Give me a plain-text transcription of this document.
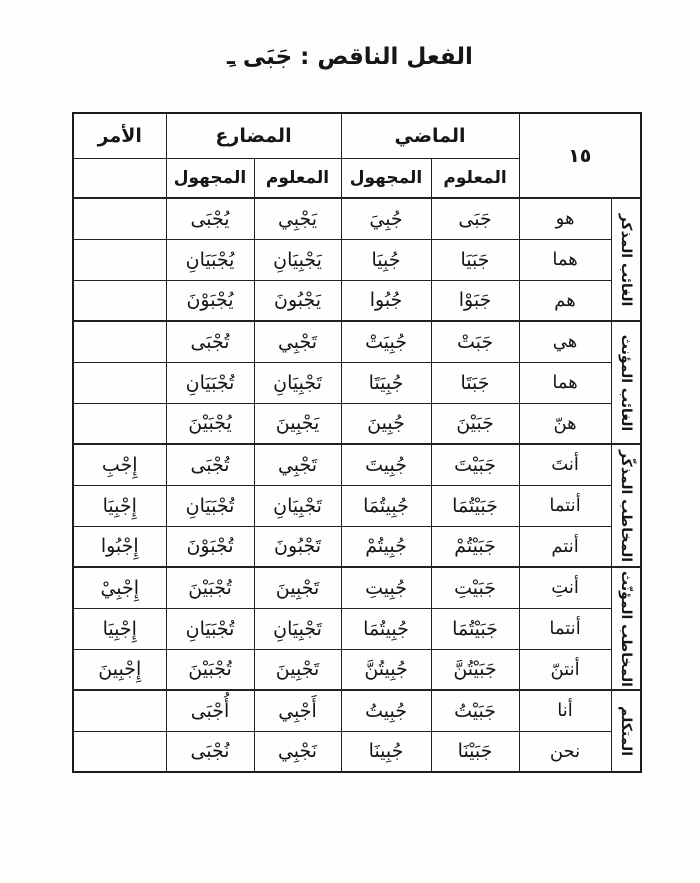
الفعل الناقص : جَبَى ـِ
١٥		الماضي		المضارع		الأمر
		المعلوم	المجهول	المعلوم	المجهول	

الغائب المذكر	هو	جَبَى	جُبِيَ	يَجْبِي	يُجْبَى	
	هما	جَبَيَا	جُبِيَا	يَجْبِيَانِ	يُجْبَيَانِ	
	هم	جَبَوْا	جُبُوا	يَجْبُونَ	يُجْبَوْنَ	

الغائب المؤنث	هي	جَبَتْ	جُبِيَتْ	تَجْبِي	تُجْبَى	
	هما	جَبَتَا	جُبِيَتَا	تَجْبِيَانِ	تُجْبَيَانِ	
	هنّ	جَبَيْنَ	جُبِينَ	يَجْبِينَ	يُجْبَيْنَ	

المخاطب المذكّر	أنتَ	جَبَيْتَ	جُبِيتَ	تَجْبِي	تُجْبَى	إِجْبِ
	أنتما	جَبَيْتُمَا	جُبِيتُمَا	تَجْبِيَانِ	تُجْبَيَانِ	إِجْبِيَا
	أنتم	جَبَيْتُمْ	جُبِيتُمْ	تَجْبُونَ	تُجْبَوْنَ	إِجْبُوا

المخاطب المؤنّث	أنتِ	جَبَيْتِ	جُبِيتِ	تَجْبِينَ	تُجْبَيْنَ	إِجْبِيْ
	أنتما	جَبَيْتُمَا	جُبِيتُمَا	تَجْبِيَانِ	تُجْبَيَانِ	إِجْبِيَا
	أنتنّ	جَبَيْتُنَّ	جُبِيتُنَّ	تَجْبِينَ	تُجْبَيْنَ	إِجْبِينَ

المتكلم	أنا	جَبَيْتُ	جُبِيتُ	أَجْبِي	أُجْبَى	
	نحن	جَبَيْنَا	جُبِينَا	نَجْبِي	نُجْبَى	
